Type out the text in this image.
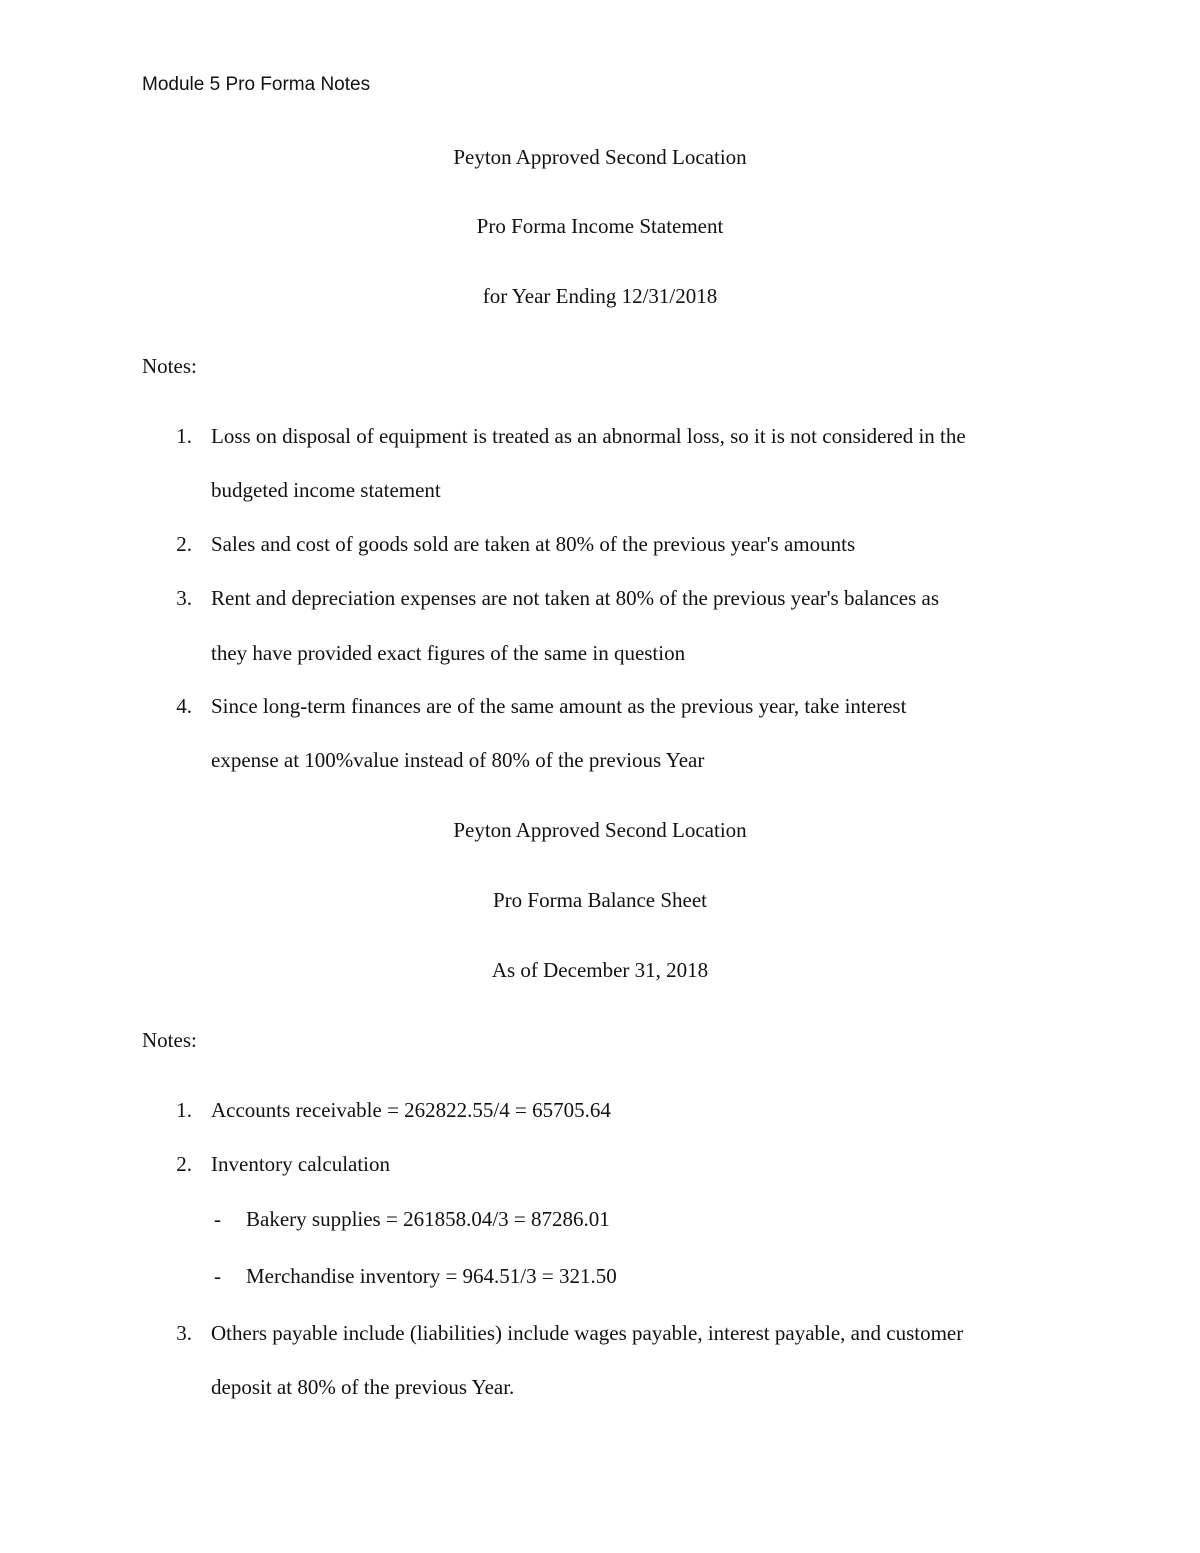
Module 5 Pro Forma Notes
Peyton Approved Second Location
Pro Forma Income Statement
for Year Ending 12/31/2018
Notes:
1. Loss on disposal of equipment is treated as an abnormal loss, so it is not considered in the
budgeted income statement
2. Sales and cost of goods sold are taken at 80% of the previous year's amounts
3. Rent and depreciation expenses are not taken at 80% of the previous year's balances as
they have provided exact figures of the same in question
4. Since long-term finances are of the same amount as the previous year, take interest
expense at 100%value instead of 80% of the previous Year
Peyton Approved Second Location
Pro Forma Balance Sheet
As of December 31, 2018
Notes:
1. Accounts receivable = 262822.55/4 = 65705.64
2. Inventory calculation
- Bakery supplies = 261858.04/3 = 87286.01
- Merchandise inventory = 964.51/3 = 321.50
3. Others payable include (liabilities) include wages payable, interest payable, and customer
deposit at 80% of the previous Year.
